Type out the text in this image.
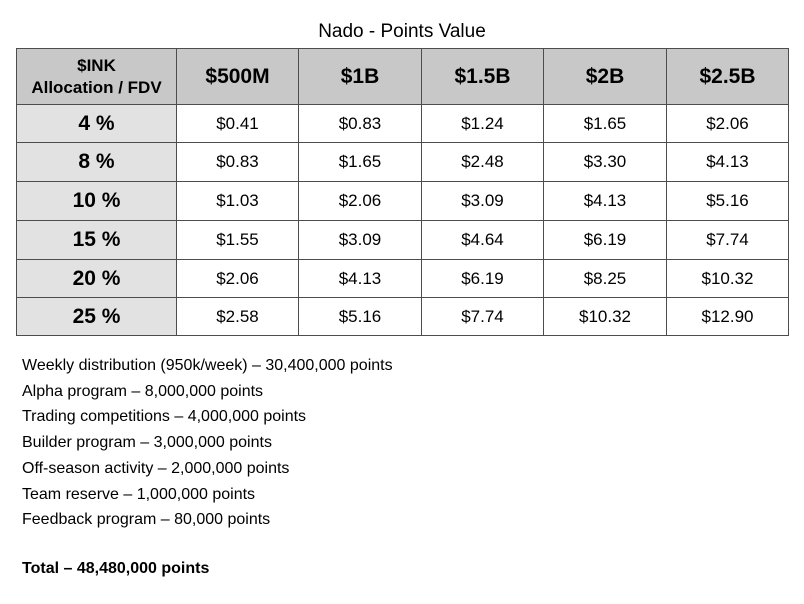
Nado - Points Value
$INK
Allocation / FDV	$500M	$1B	$1.5B	$2B	$2.5B
4 %	$0.41	$0.83	$1.24	$1.65	$2.06
8 %	$0.83	$1.65	$2.48	$3.30	$4.13
10 %	$1.03	$2.06	$3.09	$4.13	$5.16
15 %	$1.55	$3.09	$4.64	$6.19	$7.74
20 %	$2.06	$4.13	$6.19	$8.25	$10.32
25 %	$2.58	$5.16	$7.74	$10.32	$12.90
Weekly distribution (950k/week) – 30,400,000 points
Alpha program – 8,000,000 points
Trading competitions – 4,000,000 points
Builder program – 3,000,000 points
Off-season activity – 2,000,000 points
Team reserve – 1,000,000 points
Feedback program – 80,000 points
Total – 48,480,000 points
